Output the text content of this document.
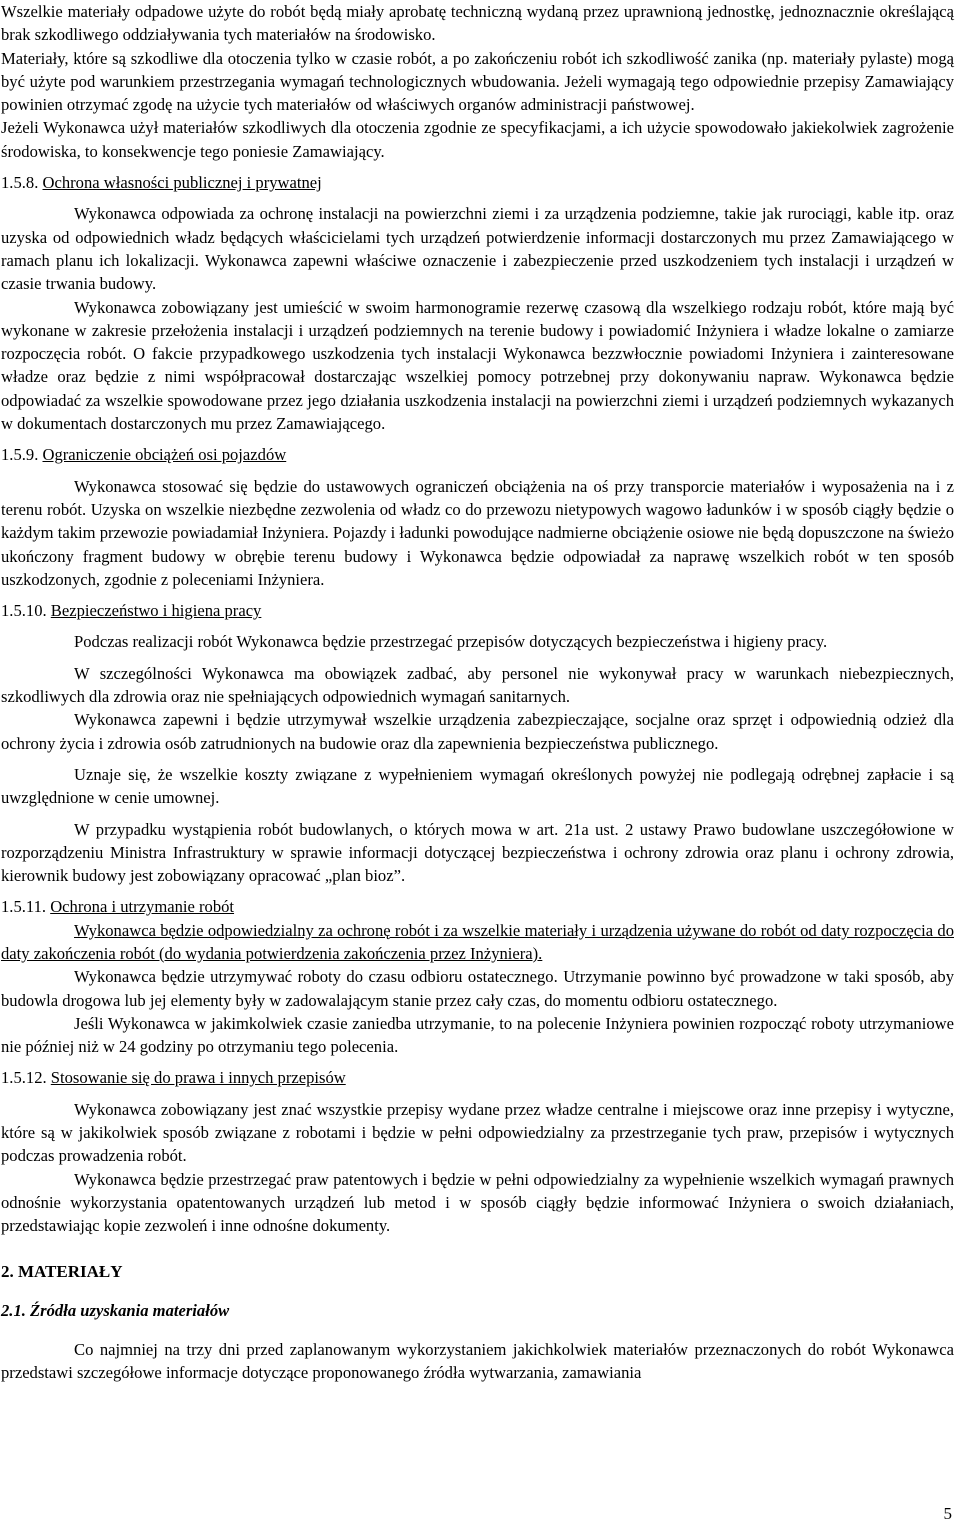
Wszelkie materiały odpadowe użyte do robót będą miały aprobatę techniczną wydaną przez uprawnioną jednostkę, jednoznacznie określającą brak szkodliwego oddziaływania tych materiałów na środowisko.

Materiały, które są szkodliwe dla otoczenia tylko w czasie robót, a po zakończeniu robót ich szkodliwość zanika (np. materiały pylaste) mogą być użyte pod warunkiem przestrzegania wymagań technologicznych wbudowania. Jeżeli wymagają tego odpowiednie przepisy Zamawiający powinien otrzymać zgodę na użycie tych materiałów od właściwych organów administracji państwowej.

Jeżeli Wykonawca użył materiałów szkodliwych dla otoczenia zgodnie ze specyfikacjami, a ich użycie spowodowało jakiekolwiek zagrożenie środowiska, to konsekwencje tego poniesie Zamawiający.

1.5.8. Ochrona własności publicznej i prywatnej

Wykonawca odpowiada za ochronę instalacji na powierzchni ziemi i za urządzenia podziemne, takie jak rurociągi, kable itp. oraz uzyska od odpowiednich władz będących właścicielami tych urządzeń potwierdzenie informacji dostarczonych mu przez Zamawiającego w ramach planu ich lokalizacji. Wykonawca zapewni właściwe oznaczenie i zabezpieczenie przed uszkodzeniem tych instalacji i urządzeń w czasie trwania budowy.

Wykonawca zobowiązany jest umieścić w swoim harmonogramie rezerwę czasową dla wszelkiego rodzaju robót, które mają być wykonane w zakresie przełożenia instalacji i urządzeń podziemnych na terenie budowy i powiadomić Inżyniera i władze lokalne o zamiarze rozpoczęcia robót. O fakcie przypadkowego uszkodzenia tych instalacji Wykonawca bezzwłocznie powiadomi Inżyniera i zainteresowane władze oraz będzie z nimi współpracował dostarczając wszelkiej pomocy potrzebnej przy dokonywaniu napraw. Wykonawca będzie odpowiadać za wszelkie spowodowane przez jego działania uszkodzenia instalacji na powierzchni ziemi i urządzeń podziemnych wykazanych w dokumentach dostarczonych mu przez Zamawiającego.

1.5.9. Ograniczenie obciążeń osi pojazdów

Wykonawca stosować się będzie do ustawowych ograniczeń obciążenia na oś przy transporcie materiałów i wyposażenia na i z terenu robót. Uzyska on wszelkie niezbędne zezwolenia od władz co do przewozu nietypowych wagowo ładunków i w sposób ciągły będzie o każdym takim przewozie powiadamiał Inżyniera. Pojazdy i ładunki powodujące nadmierne obciążenie osiowe nie będą dopuszczone na świeżo ukończony fragment budowy w obrębie terenu budowy i Wykonawca będzie odpowiadał za naprawę wszelkich robót w ten sposób uszkodzonych, zgodnie z poleceniami Inżyniera.

1.5.10. Bezpieczeństwo i higiena pracy

Podczas realizacji robót Wykonawca będzie przestrzegać przepisów dotyczących bezpieczeństwa i higieny pracy.

W szczególności Wykonawca ma obowiązek zadbać, aby personel nie wykonywał pracy w warunkach niebezpiecznych, szkodliwych dla zdrowia oraz nie spełniających odpowiednich wymagań sanitarnych.

Wykonawca zapewni i będzie utrzymywał wszelkie urządzenia zabezpieczające, socjalne oraz sprzęt i odpowiednią odzież dla ochrony życia i zdrowia osób zatrudnionych na budowie oraz dla zapewnienia bezpieczeństwa publicznego.

Uznaje się, że wszelkie koszty związane z wypełnieniem wymagań określonych powyżej nie podlegają odrębnej zapłacie i są uwzględnione w cenie umownej.

W przypadku wystąpienia robót budowlanych, o których mowa w art. 21a ust. 2 ustawy Prawo budowlane uszczegółowione w rozporządzeniu Ministra Infrastruktury w sprawie informacji dotyczącej bezpieczeństwa i ochrony zdrowia oraz planu i ochrony zdrowia, kierownik budowy jest zobowiązany opracować „plan bioz”.

1.5.11. Ochrona i utrzymanie robót

Wykonawca będzie odpowiedzialny za ochronę robót i za wszelkie materiały i urządzenia używane do robót od daty rozpoczęcia do daty zakończenia robót (do wydania potwierdzenia zakończenia przez Inżyniera).

Wykonawca będzie utrzymywać roboty do czasu odbioru ostatecznego. Utrzymanie powinno być prowadzone w taki sposób, aby budowla drogowa lub jej elementy były w zadowalającym stanie przez cały czas, do momentu odbioru ostatecznego.

Jeśli Wykonawca w jakimkolwiek czasie zaniedba utrzymanie, to na polecenie Inżyniera powinien rozpocząć roboty utrzymaniowe nie później niż w 24 godziny po otrzymaniu tego polecenia.

1.5.12. Stosowanie się do prawa i innych przepisów

Wykonawca zobowiązany jest znać wszystkie przepisy wydane przez władze centralne i miejscowe oraz inne przepisy i wytyczne, które są w jakikolwiek sposób związane z robotami i będzie w pełni odpowiedzialny za przestrzeganie tych praw, przepisów i wytycznych podczas prowadzenia robót.

Wykonawca będzie przestrzegać praw patentowych i będzie w pełni odpowiedzialny za wypełnienie wszelkich wymagań prawnych odnośnie wykorzystania opatentowanych urządzeń lub metod i w sposób ciągły będzie informować Inżyniera o swoich działaniach, przedstawiając kopie zezwoleń i inne odnośne dokumenty.

2. MATERIAŁY

2.1. Źródła uzyskania materiałów

Co najmniej na trzy dni przed zaplanowanym wykorzystaniem jakichkolwiek materiałów przeznaczonych do robót Wykonawca przedstawi szczegółowe informacje dotyczące proponowanego źródła wytwarzania, zamawiania

5
